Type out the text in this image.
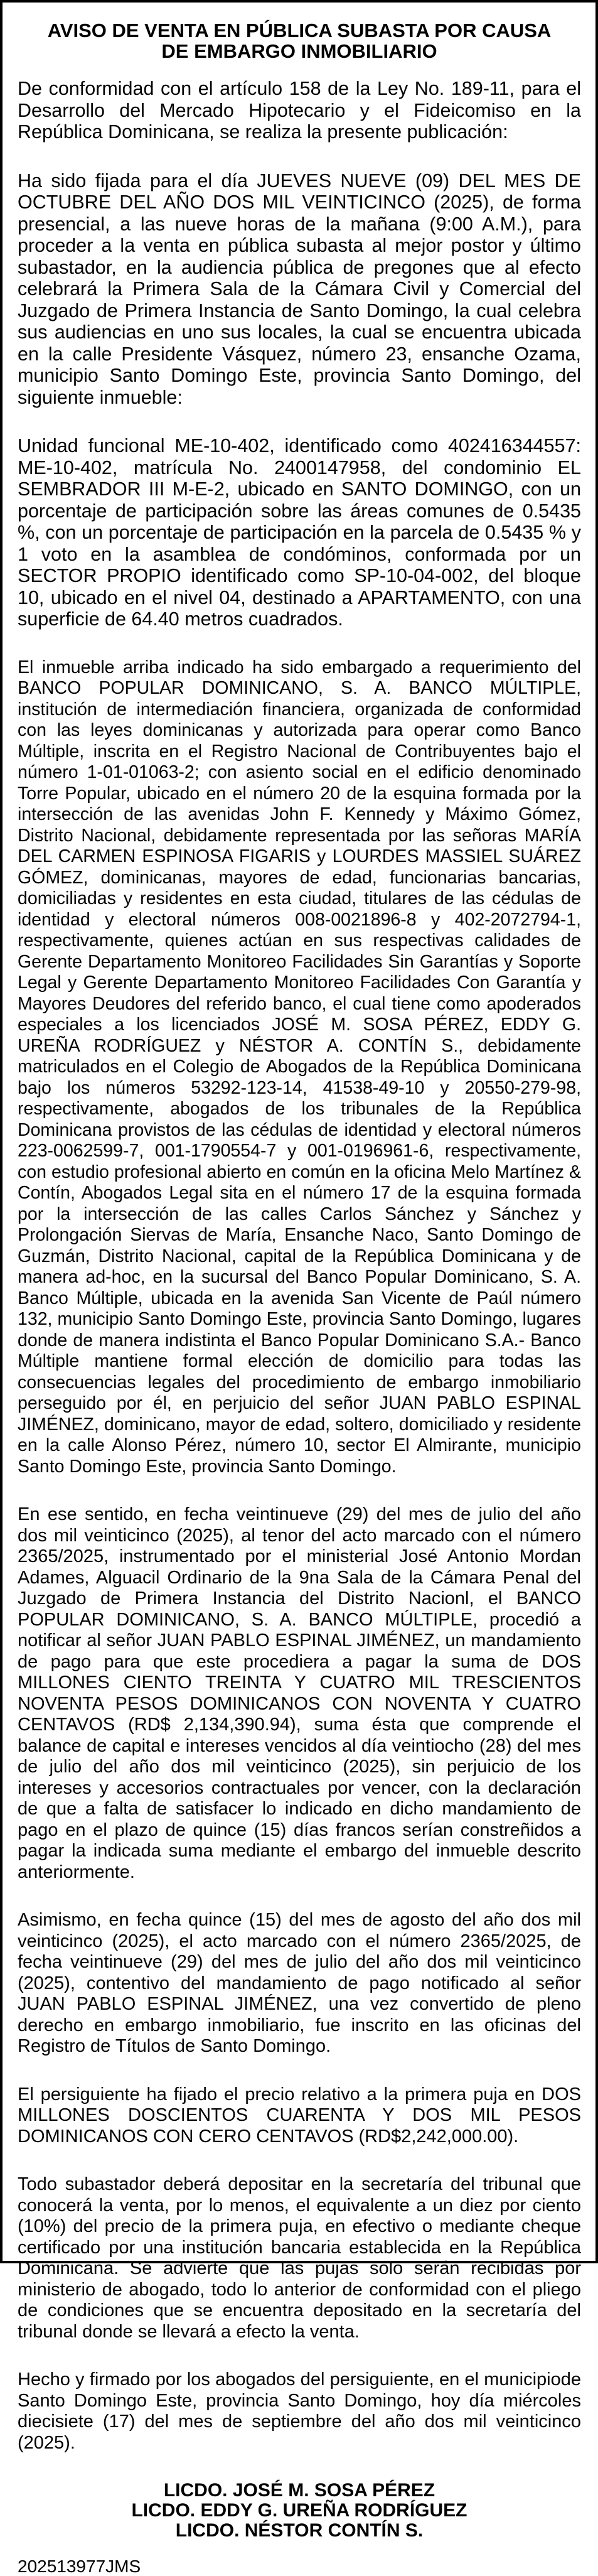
AVISO DE VENTA EN PÚBLICA SUBASTA POR CAUSA
DE EMBARGO INMOBILIARIO

De conformidad con el artículo 158 de la Ley No. 189-11, para el Desarrollo del Mercado Hipotecario y el Fideicomiso en la República Dominicana, se realiza la presente publicación:

Ha sido fijada para el día JUEVES NUEVE (09) DEL MES DE OCTUBRE DEL AÑO DOS MIL VEINTICINCO (2025), de forma presencial, a las nueve horas de la mañana (9:00 A.M.), para proceder a la venta en pública subasta al mejor postor y último subastador, en la audiencia pública de pregones que al efecto celebrará la Primera Sala de la Cámara Civil y Comercial del Juzgado de Primera Instancia de Santo Domingo, la cual celebra sus audiencias en uno sus locales, la cual se encuentra ubicada en la calle Presidente Vásquez, número 23, ensanche Ozama, municipio Santo Domingo Este, provincia Santo Domingo, del siguiente inmueble:

Unidad funcional ME-10-402, identificado como 402416344557: ME-10-402, matrícula No. 2400147958, del condominio EL SEMBRADOR III M-E-2, ubicado en SANTO DOMINGO, con un porcentaje de participación sobre las áreas comunes de 0.5435 %, con un porcentaje de participación en la parcela de 0.5435 % y 1 voto en la asamblea de condóminos, conformada por un SECTOR PROPIO identificado como SP-10-04-002, del bloque 10, ubicado en el nivel 04, destinado a APARTAMENTO, con una superficie de 64.40 metros cuadrados.

El inmueble arriba indicado ha sido embargado a requerimiento del BANCO POPULAR DOMINICANO, S. A. BANCO MÚLTIPLE, institución de intermediación financiera, organizada de conformidad con las leyes dominicanas y autorizada para operar como Banco Múltiple, inscrita en el Registro Nacional de Contribuyentes bajo el número 1-01-01063-2; con asiento social en el edificio denominado Torre Popular, ubicado en el número 20 de la esquina formada por la intersección de las avenidas John F. Kennedy y Máximo Gómez, Distrito Nacional, debidamente representada por las señoras MARÍA DEL CARMEN ESPINOSA FIGARIS y LOURDES MASSIEL SUÁREZ GÓMEZ, dominicanas, mayores de edad, funcionarias bancarias, domiciliadas y residentes en esta ciudad, titulares de las cédulas de identidad y electoral números 008-0021896-8 y 402-2072794-1, respectivamente, quienes actúan en sus respectivas calidades de Gerente Departamento Monitoreo Facilidades Sin Garantías y Soporte Legal y Gerente Departamento Monitoreo Facilidades Con Garantía y Mayores Deudores del referido banco, el cual tiene como apoderados especiales a los licenciados JOSÉ M. SOSA PÉREZ, EDDY G. UREÑA RODRÍGUEZ y NÉSTOR A. CONTÍN S., debidamente matriculados en el Colegio de Abogados de la República Dominicana bajo los números 53292-123-14, 41538-49-10 y 20550-279-98, respectivamente, abogados de los tribunales de la República Dominicana provistos de las cédulas de identidad y electoral números 223-0062599-7, 001-1790554-7 y 001-0196961-6, respectivamente, con estudio profesional abierto en común en la oficina Melo Martínez & Contín, Abogados Legal sita en el número 17 de la esquina formada por la intersección de las calles Carlos Sánchez y Sánchez y Prolongación Siervas de María, Ensanche Naco, Santo Domingo de Guzmán, Distrito Nacional, capital de la República Dominicana y de manera ad-hoc, en la sucursal del Banco Popular Dominicano, S. A. Banco Múltiple, ubicada en la avenida San Vicente de Paúl número 132, municipio Santo Domingo Este, provincia Santo Domingo, lugares donde de manera indistinta el Banco Popular Dominicano S.A.- Banco Múltiple mantiene formal elección de domicilio para todas las consecuencias legales del procedimiento de embargo inmobiliario perseguido por él, en perjuicio del señor JUAN PABLO ESPINAL JIMÉNEZ, dominicano, mayor de edad, soltero, domiciliado y residente en la calle Alonso Pérez, número 10, sector El Almirante, municipio Santo Domingo Este, provincia Santo Domingo.

En ese sentido, en fecha veintinueve (29) del mes de julio del año dos mil veinticinco (2025), al tenor del acto marcado con el número 2365/2025, instrumentado por el ministerial José Antonio Mordan Adames, Alguacil Ordinario de la 9na Sala de la Cámara Penal del Juzgado de Primera Instancia del Distrito Nacionl, el BANCO POPULAR DOMINICANO, S. A. BANCO MÚLTIPLE, procedió a notificar al señor JUAN PABLO ESPINAL JIMÉNEZ, un mandamiento de pago para que este procediera a pagar la suma de DOS MILLONES CIENTO TREINTA Y CUATRO MIL TRESCIENTOS NOVENTA PESOS DOMINICANOS CON NOVENTA Y CUATRO CENTAVOS (RD$ 2,134,390.94), suma ésta que comprende el balance de capital e intereses vencidos al día veintiocho (28) del mes de julio del año dos mil veinticinco (2025), sin perjuicio de los intereses y accesorios contractuales por vencer, con la declaración de que a falta de satisfacer lo indicado en dicho mandamiento de pago en el plazo de quince (15) días francos serían constreñidos a pagar la indicada suma mediante el embargo del inmueble descrito anteriormente.

Asimismo, en fecha quince (15) del mes de agosto del año dos mil veinticinco (2025), el acto marcado con el número 2365/2025, de fecha veintinueve (29) del mes de julio del año dos mil veinticinco (2025), contentivo del mandamiento de pago notificado al señor JUAN PABLO ESPINAL JIMÉNEZ, una vez convertido de pleno derecho en embargo inmobiliario, fue inscrito en las oficinas del Registro de Títulos de Santo Domingo.

El persiguiente ha fijado el precio relativo a la primera puja en DOS MILLONES DOSCIENTOS CUARENTA Y DOS MIL PESOS DOMINICANOS CON CERO CENTAVOS (RD$2,242,000.00).

Todo subastador deberá depositar en la secretaría del tribunal que conocerá la venta, por lo menos, el equivalente a un diez por ciento (10%) del precio de la primera puja, en efectivo o mediante cheque certificado por una institución bancaria establecida en la República Dominicana. Se advierte que las pujas solo serán recibidas por ministerio de abogado, todo lo anterior de conformidad con el pliego de condiciones que se encuentra depositado en la secretaría del tribunal donde se llevará a efecto la venta.

Hecho y firmado por los abogados del persiguiente, en el municipiode Santo Domingo Este, provincia Santo Domingo, hoy día miércoles diecisiete (17) del mes de septiembre del año dos mil veinticinco (2025).

LICDO. JOSÉ M. SOSA PÉREZ
LICDO. EDDY G. UREÑA RODRÍGUEZ
LICDO. NÉSTOR CONTÍN S.
202513977JMS
